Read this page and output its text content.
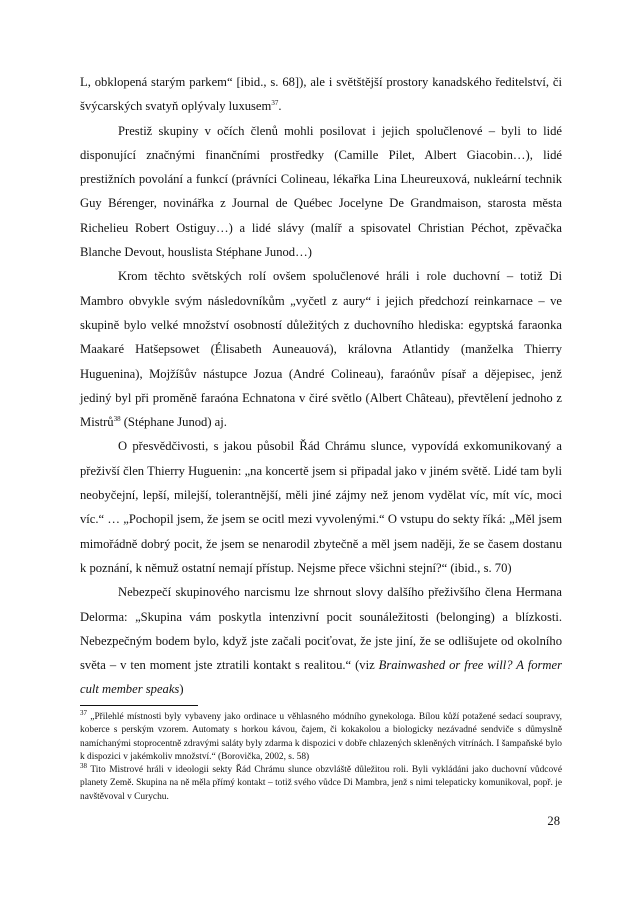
L, obklopená starým parkem“ [ibid., s. 68]), ale i světštější prostory kanadského ředitelství, či švýcarských svatyň oplývaly luxusem$^{37}$.

Prestiž skupiny v očích členů mohli posilovat i jejich spolučlenové – byli to lidé disponující značnými finančními prostředky (Camille Pilet, Albert Giacobin…), lidé prestižních povolání a funkcí (právníci Colineau, lékařka Lina Lheureuxová, nukleární technik Guy Bérenger, novinářka z Journal de Québec Jocelyne De Grandmaison, starosta města Richelieu Robert Ostiguy…) a lidé slávy (malíř a spisovatel Christian Péchot, zpěvačka Blanche Devout, houslista Stéphane Junod…)

Krom těchto světských rolí ovšem spolučlenové hráli i role duchovní – totiž Di Mambro obvykle svým následovníkům „vyčetl z aury“ i jejich předchozí reinkarnace – ve skupině bylo velké množství osobností důležitých z duchovního hlediska: egyptská faraonka Maakaré Hatšepsowet (Élisabeth Auneauová), královna Atlantidy (manželka Thierry Huguenina), Mojžíšův nástupce Jozua (André Colineau), faraónův písař a dějepisec, jenž jediný byl při proměně faraóna Echnatona v čiré světlo (Albert Château), převtělení jednoho z Mistrů$^{38}$ (Stéphane Junod) aj.

O přesvědčivosti, s jakou působil Řád Chrámu slunce, vypovídá exkomunikovaný a přeživší člen Thierry Huguenin: „na koncertě jsem si připadal jako v jiném světě. Lidé tam byli neobyčejní, lepší, milejší, tolerantnější, měli jiné zájmy než jenom vydělat víc, mít víc, moci víc.“ … „Pochopil jsem, že jsem se ocitl mezi vyvolenými.“ O vstupu do sekty říká: „Měl jsem mimořádně dobrý pocit, že jsem se nenarodil zbytečně a měl jsem naději, že se časem dostanu k poznání, k němuž ostatní nemají přístup. Nejsme přece všichni stejní?“ (ibid., s. 70)

Nebezpečí skupinového narcismu lze shrnout slovy dalšího přeživšího člena Hermana Delorma: „Skupina vám poskytla intenzivní pocit sounáležitosti (belonging) a blízkosti. Nebezpečným bodem bylo, když jste začali pociťovat, že jste jiní, že se odlišujete od okolního světa – v ten moment jste ztratili kontakt s realitou.“ (viz Brainwashed or free will? A former cult member speaks)

$^{37}$ „Přilehlé místnosti byly vybaveny jako ordinace u věhlasného módního gynekologa. Bílou kůží potažené sedací soupravy, koberce s perským vzorem. Automaty s horkou kávou, čajem, či kokakolou a biologicky nezávadné sendviče s důmyslně namíchanými stoprocentně zdravými saláty byly zdarma k dispozici v dobře chlazených skleněných vitrínách. I šampaňské bylo k dispozici v jakémkoliv množství.“ (Borovička, 2002, s. 58)

$^{38}$ Tito Mistrové hráli v ideologii sekty Řád Chrámu slunce obzvláště důležitou roli. Byli vykládáni jako duchovní vůdcové planety Země. Skupina na ně měla přímý kontakt – totiž svého vůdce Di Mambra, jenž s nimi telepaticky komunikoval, popř. je navštěvoval v Curychu.

28
